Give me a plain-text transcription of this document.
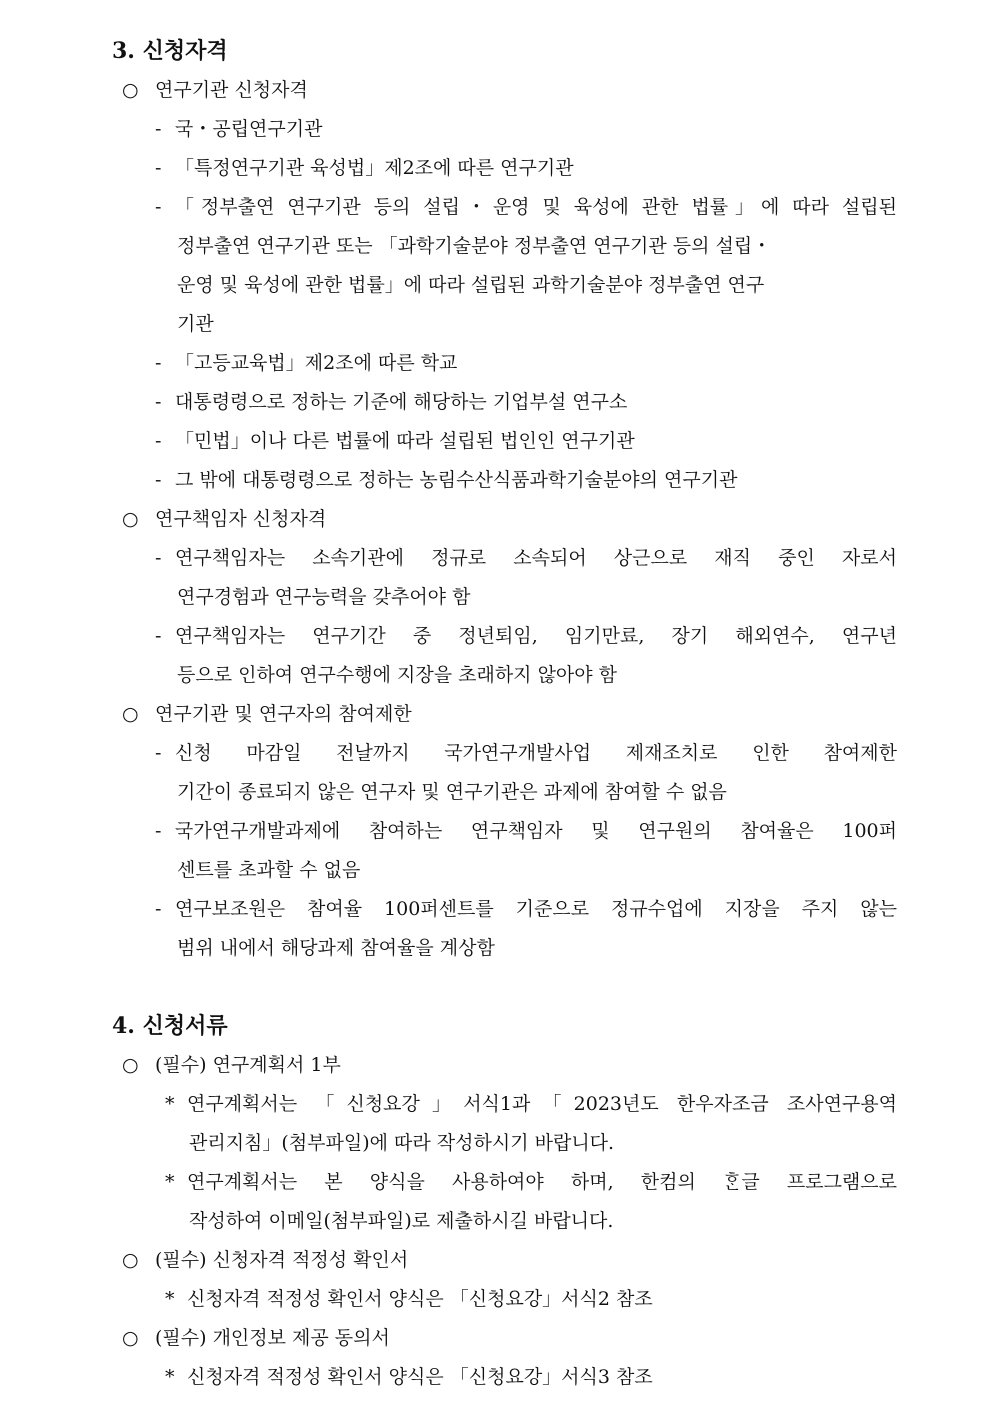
3. 신청자격
○ 연구기관 신청자격
- 국・공립연구기관
- 「특정연구기관 육성법」제2조에 따른 연구기관
- 「정부출연 연구기관 등의 설립・운영 및 육성에 관한 법률」에 따라 설립된
정부출연 연구기관 또는 「과학기술분야 정부출연 연구기관 등의 설립・
운영 및 육성에 관한 법률」에 따라 설립된 과학기술분야 정부출연 연구
기관
- 「고등교육법」제2조에 따른 학교
- 대통령령으로 정하는 기준에 해당하는 기업부설 연구소
- 「민법」이나 다른 법률에 따라 설립된 법인인 연구기관
- 그 밖에 대통령령으로 정하는 농림수산식품과학기술분야의 연구기관
○ 연구책임자 신청자격
- 연구책임자는 소속기관에 정규로 소속되어 상근으로 재직 중인 자로서
연구경험과 연구능력을 갖추어야 함
- 연구책임자는 연구기간 중 정년퇴임, 임기만료, 장기 해외연수, 연구년
등으로 인하여 연구수행에 지장을 초래하지 않아야 함
○ 연구기관 및 연구자의 참여제한
- 신청 마감일 전날까지 국가연구개발사업 제재조치로 인한 참여제한
기간이 종료되지 않은 연구자 및 연구기관은 과제에 참여할 수 없음
- 국가연구개발과제에 참여하는 연구책임자 및 연구원의 참여율은 100퍼
센트를 초과할 수 없음
- 연구보조원은 참여율 100퍼센트를 기준으로 정규수업에 지장을 주지 않는
범위 내에서 해당과제 참여율을 계상함
4. 신청서류
○ (필수) 연구계획서 1부
* 연구계획서는 「신청요강」서식1과「2023년도 한우자조금 조사연구용역
관리지침」(첨부파일)에 따라 작성하시기 바랍니다.
* 연구계획서는 본 양식을 사용하여야 하며, 한컴의 ᄒᆞᆫ글 프로그램으로
작성하여 이메일(첨부파일)로 제출하시길 바랍니다.
○ (필수) 신청자격 적정성 확인서
* 신청자격 적정성 확인서 양식은 「신청요강」서식2 참조
○ (필수) 개인정보 제공 동의서
* 신청자격 적정성 확인서 양식은 「신청요강」서식3 참조
